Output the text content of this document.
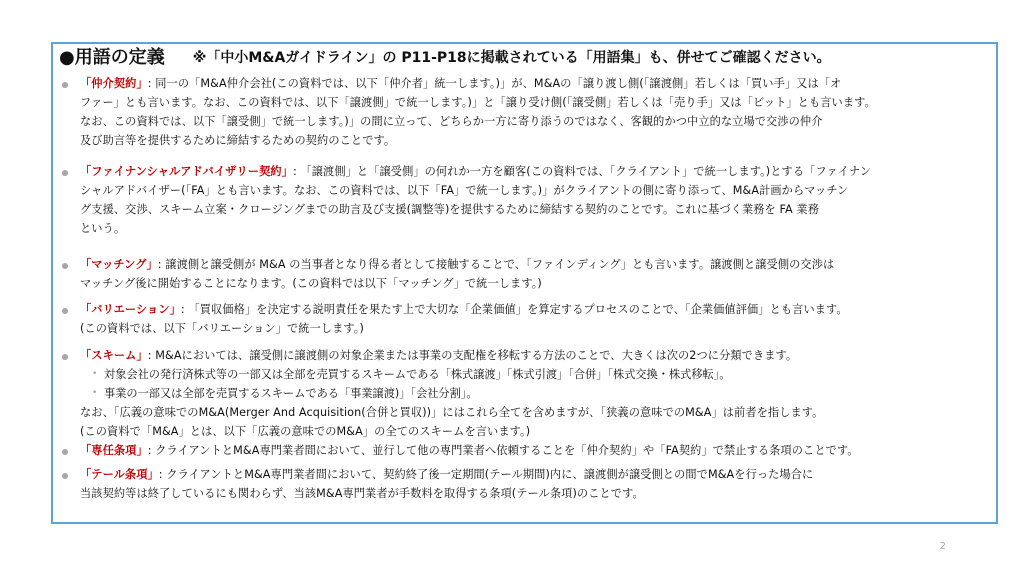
●用語の定義 ※「中小M&Aガイドライン」の P11-P18に掲載されている「用語集」も、併せてご確認ください。
「仲介契約」: 同一の「M&A仲介会社(この資料では、以下「仲介者」統一します。)」が、M&Aの「譲り渡し側(「譲渡側」若しくは「買い手」又は「オ
ファー」とも言います。なお、この資料では、以下「譲渡側」で統一します。)」と「譲り受け側(「譲受側」若しくは「売り手」又は「ビット」とも言います。
なお、この資料では、以下「譲受側」で統一します。)」の間に立って、どちらか一方に寄り添うのではなく、客観的かつ中立的な立場で交渉の仲介
及び助言等を提供するために締結するための契約のことです。
「ファイナンシャルアドバイザリー契約」: 「譲渡側」と「譲受側」の何れか一方を顧客(この資料では、「クライアント」で統一します。)とする「ファイナン
シャルアドバイザー(「FA」とも言います。なお、この資料では、以下「FA」で統一します。)」がクライアントの側に寄り添って、M&A計画からマッチン
グ支援、交渉、スキーム立案・クロージングまでの助言及び支援(調整等)を提供するために締結する契約のことです。これに基づく業務を FA 業務
という。
「マッチング」: 譲渡側と譲受側が M&A の当事者となり得る者として接触することで、「ファインディング」とも言います。譲渡側と譲受側の交渉は
マッチング後に開始することになります。(この資料では以下「マッチング」で統一します。)
「バリエーション」: 「買収価格」を決定する説明責任を果たす上で大切な「企業価値」を算定するプロセスのことで、「企業価値評価」とも言います。
(この資料では、以下「バリエーション」で統一します。)
「スキーム」: M&Aにおいては、譲受側に譲渡側の対象企業または事業の支配権を移転する方法のことで、大きくは次の2つに分類できます。
• 対象会社の発行済株式等の一部又は全部を売買するスキームである「株式譲渡」「株式引渡」「合併」「株式交換・株式移転」。
• 事業の一部又は全部を売買するスキームである「事業譲渡)」「会社分割」。
なお、「広義の意味でのM&A(Merger And Acquisition(合併と買収))」にはこれら全てを含めますが、「狭義の意味でのM&A」は前者を指します。
(この資料で「M&A」とは、以下「広義の意味でのM&A」の全てのスキームを言います。)
「専任条項」: クライアントとM&A専門業者間において、並行して他の専門業者へ依頼することを「仲介契約」や「FA契約」で禁止する条項のことです。
「テール条項」: クライアントとM&A専門業者間において、契約終了後一定期間(テール期間)内に、譲渡側が譲受側との間でM&Aを行った場合に
当該契約等は終了しているにも関わらず、当該M&A専門業者が手数料を取得する条項(テール条項)のことです。
2
